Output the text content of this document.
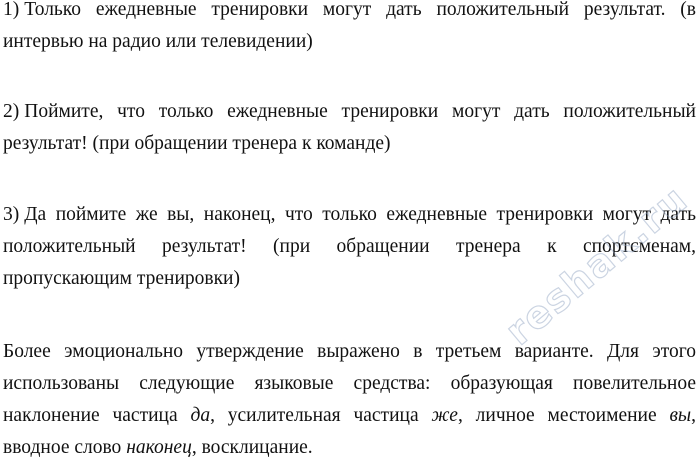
1) Только ежедневные тренировки могут дать положительный результат. (в интервью на радио или телевидении)

2) Поймите, что только ежедневные тренировки могут дать положительный результат! (при обращении тренера к команде)

3) Да поймите же вы, наконец, что только ежедневные тренировки могут дать положительный результат! (при обращении тренера к спортсменам, пропускающим тренировки)

Более эмоционально утверждение выражено в третьем варианте. Для этого использованы следующие языковые средства: образующая повелительное наклонение частица да, усилительная частица же, личное местоимение вы, вводное слово наконец, восклицание.

reshak.ru
